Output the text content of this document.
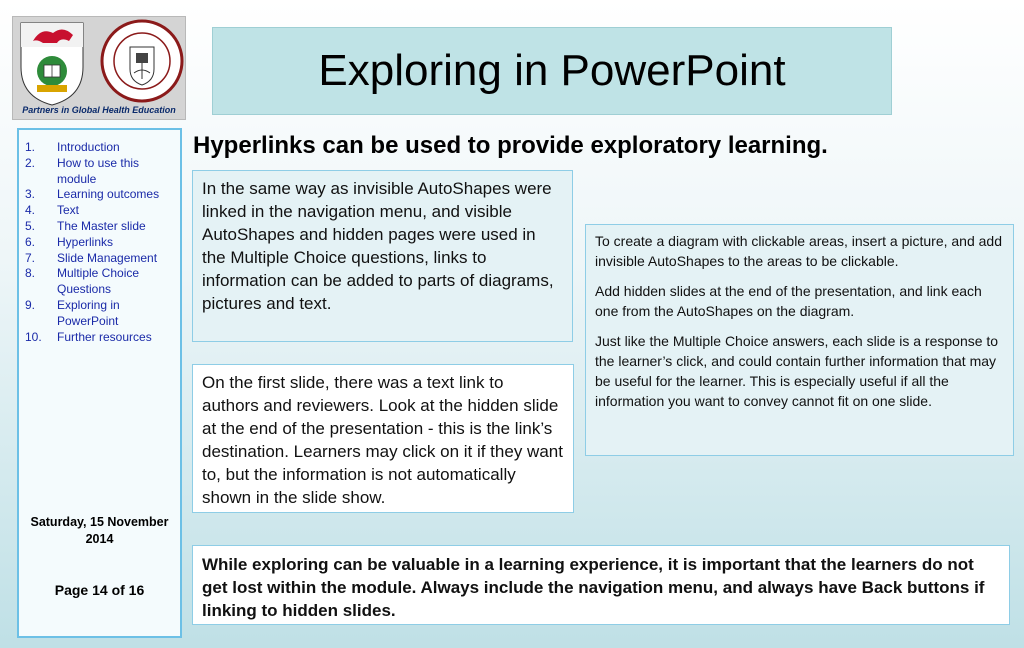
Partners in Global Health Education
Exploring in PowerPoint
1.	Introduction
2.	How to use this module
3.	Learning outcomes
4.	Text
5.	The Master slide
6.	Hyperlinks
7.	Slide Management
8.	Multiple Choice Questions
9.	Exploring in PowerPoint
10.	Further resources
Saturday, 15 November 2014
Page 14 of 16
Hyperlinks can be used to provide exploratory learning.
In the same way as invisible AutoShapes were linked in the navigation menu, and visible AutoShapes and hidden pages were used in the Multiple Choice questions, links to information can be added to parts of diagrams, pictures and text.
On the first slide, there was a text link to authors and reviewers. Look at the hidden slide at the end of the presentation - this is the link’s destination. Learners may click on it if they want to, but the information is not automatically shown in the slide show.

To create a diagram with clickable areas, insert a picture, and add invisible AutoShapes to the areas to be clickable.

Add hidden slides at the end of the presentation, and link each one from the AutoShapes on the diagram.

Just like the Multiple Choice answers, each slide is a response to the learner’s click, and could contain further information that may be useful for the learner. This is especially useful if all the information you want to convey cannot fit on one slide.

While exploring can be valuable in a learning experience, it is important that the learners do not get lost within the module. Always include the navigation menu, and always have Back buttons if linking to hidden slides.
